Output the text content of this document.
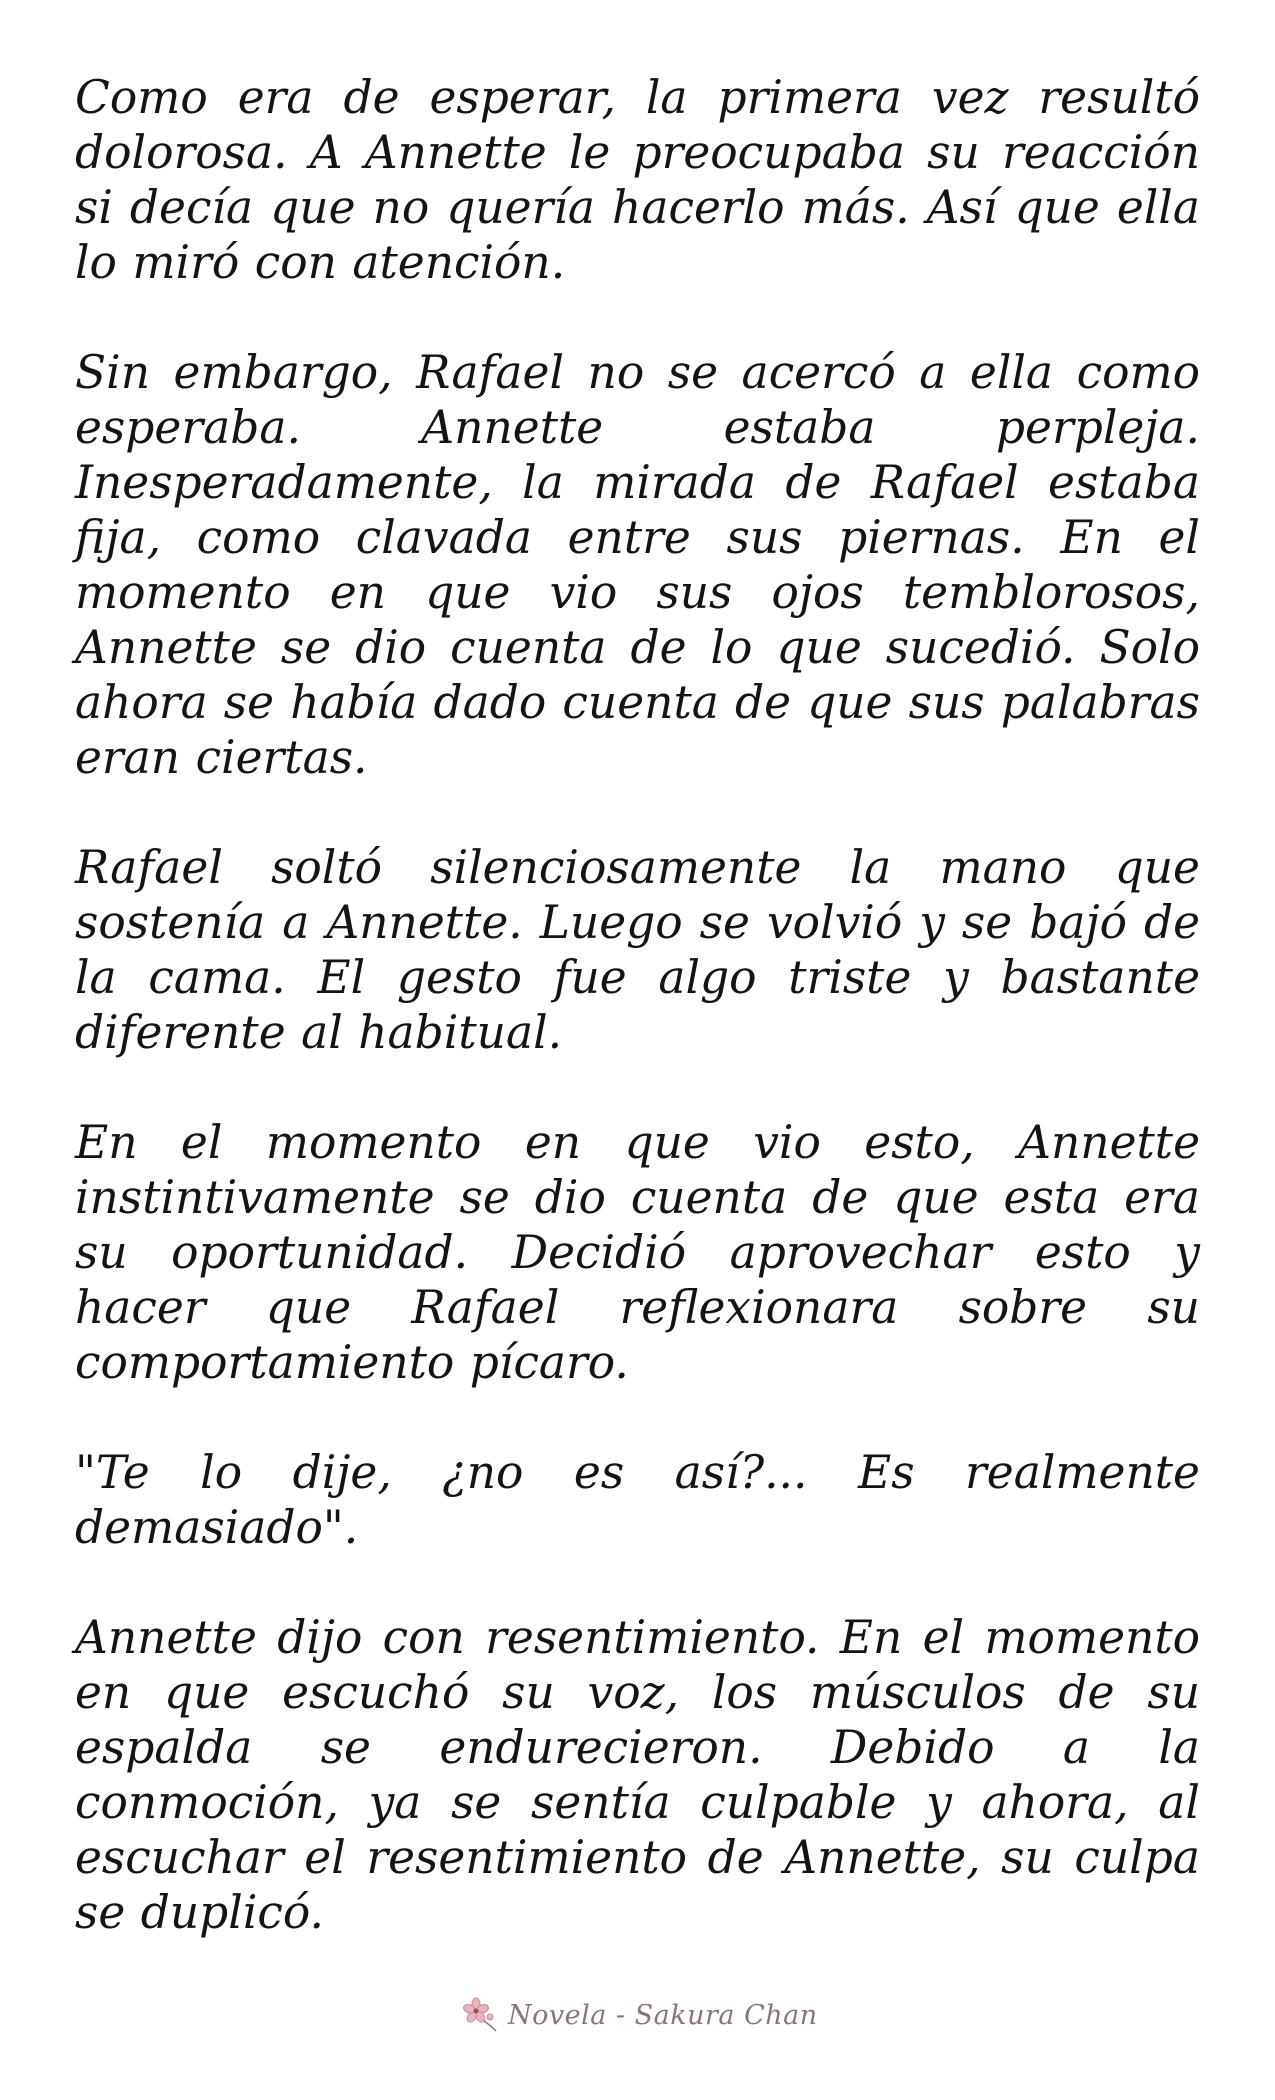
Como era de esperar, la primera vez resultó dolorosa. A Annette le preocupaba su reacción si decía que no quería hacerlo más. Así que ella lo miró con atención.

Sin embargo, Rafael no se acercó a ella como esperaba. Annette estaba perpleja. Inesperadamente, la mirada de Rafael estaba fija, como clavada entre sus piernas. En el momento en que vio sus ojos temblorosos, Annette se dio cuenta de lo que sucedió. Solo ahora se había dado cuenta de que sus palabras eran ciertas.

Rafael soltó silenciosamente la mano que sostenía a Annette. Luego se volvió y se bajó de la cama. El gesto fue algo triste y bastante diferente al habitual.

En el momento en que vio esto, Annette instintivamente se dio cuenta de que esta era su oportunidad. Decidió aprovechar esto y hacer que Rafael reflexionara sobre su comportamiento pícaro.

"Te lo dije, ¿no es así?... Es realmente demasiado".

Annette dijo con resentimiento. En el momento en que escuchó su voz, los músculos de su espalda se endurecieron. Debido a la conmoción, ya se sentía culpable y ahora, al escuchar el resentimiento de Annette, su culpa se duplicó.

Novela - Sakura Chan
